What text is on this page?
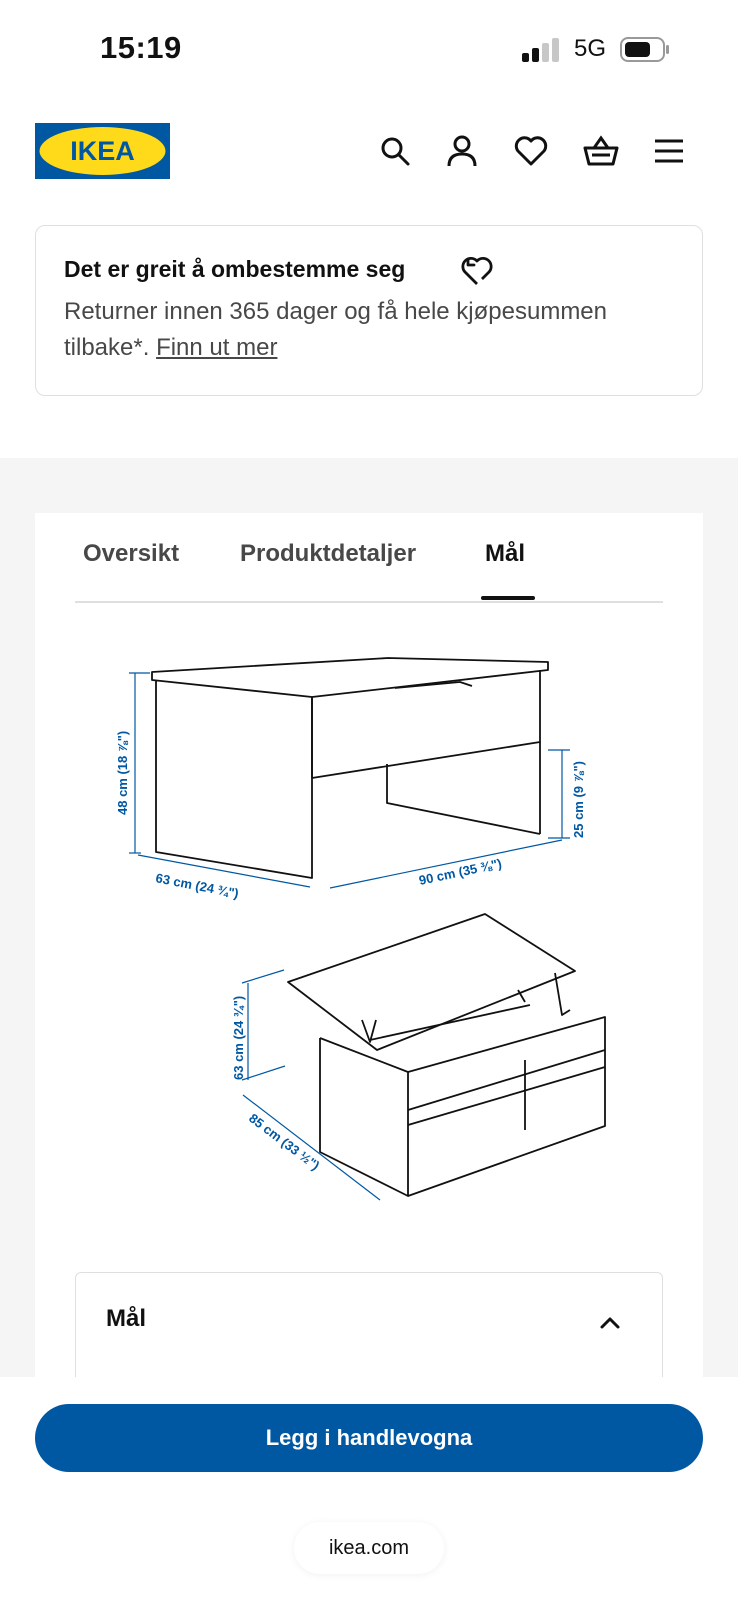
15:19	5G
IKEA
Det er greit å ombestemme seg
Returner innen 365 dager og få hele kjøpesummen tilbake*. Finn ut mer
Oversikt	Produktdetaljer	Mål
48 cm (18 ⅞")
63 cm (24 ¾")	90 cm (35 ⅜")
25 cm (9 ⅞")
63 cm (24 ¾")
85 cm (33 ½")
Mål
Legg i handlevogna
ikea.com
